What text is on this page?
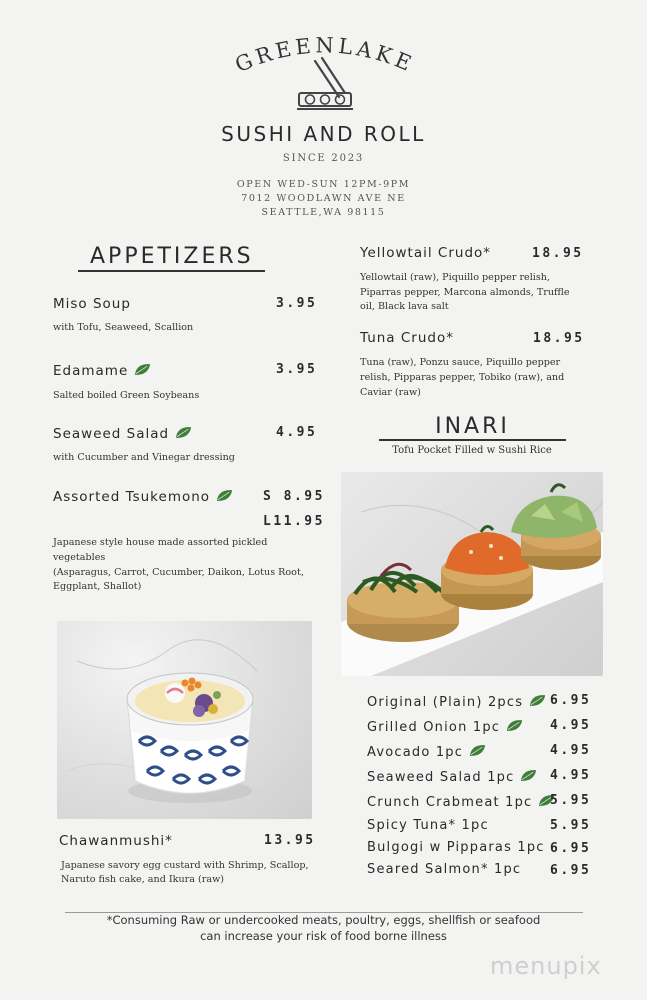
GREENLAKE
SUSHI AND ROLL
SINCE 2023
OPEN WED-SUN 12PM-9PM
7012 WOODLAWN AVE NE
SEATTLE,WA 98115
APPETIZERS
Miso Soup	3.95
with Tofu, Seaweed, Scallion
Edamame	3.95
Salted boiled Green Soybeans
Seaweed Salad	4.95
with Cucumber and Vinegar dressing
Assorted Tsukemono	S 8.95
L11.95
Japanese style house made assorted pickled
vegetables
(Asparagus, Carrot, Cucumber, Daikon, Lotus Root,
Eggplant, Shallot)
Chawanmushi*	13.95
Japanese savory egg custard with Shrimp, Scallop,
Naruto fish cake, and Ikura (raw)
Yellowtail Crudo*	18.95
Yellowtail (raw), Piquillo pepper relish,
Piparras pepper, Marcona almonds, Truffle
oil, Black lava salt
Tuna Crudo*	18.95
Tuna (raw), Ponzu sauce, Piquillo pepper
relish, Pipparas pepper, Tobiko (raw), and
Caviar (raw)
INARI
Tofu Pocket Filled w Sushi Rice
Original (Plain) 2pcs	6.95
Grilled Onion 1pc	4.95
Avocado 1pc	4.95
Seaweed Salad 1pc	4.95
Crunch Crabmeat 1pc	5.95
Spicy Tuna* 1pc	5.95
Bulgogi w Pipparas 1pc 6.95
Seared Salmon* 1pc 6.95
*Consuming Raw or undercooked meats, poultry, eggs, shellfish or seafood
can increase your risk of food borne illness
menupix
